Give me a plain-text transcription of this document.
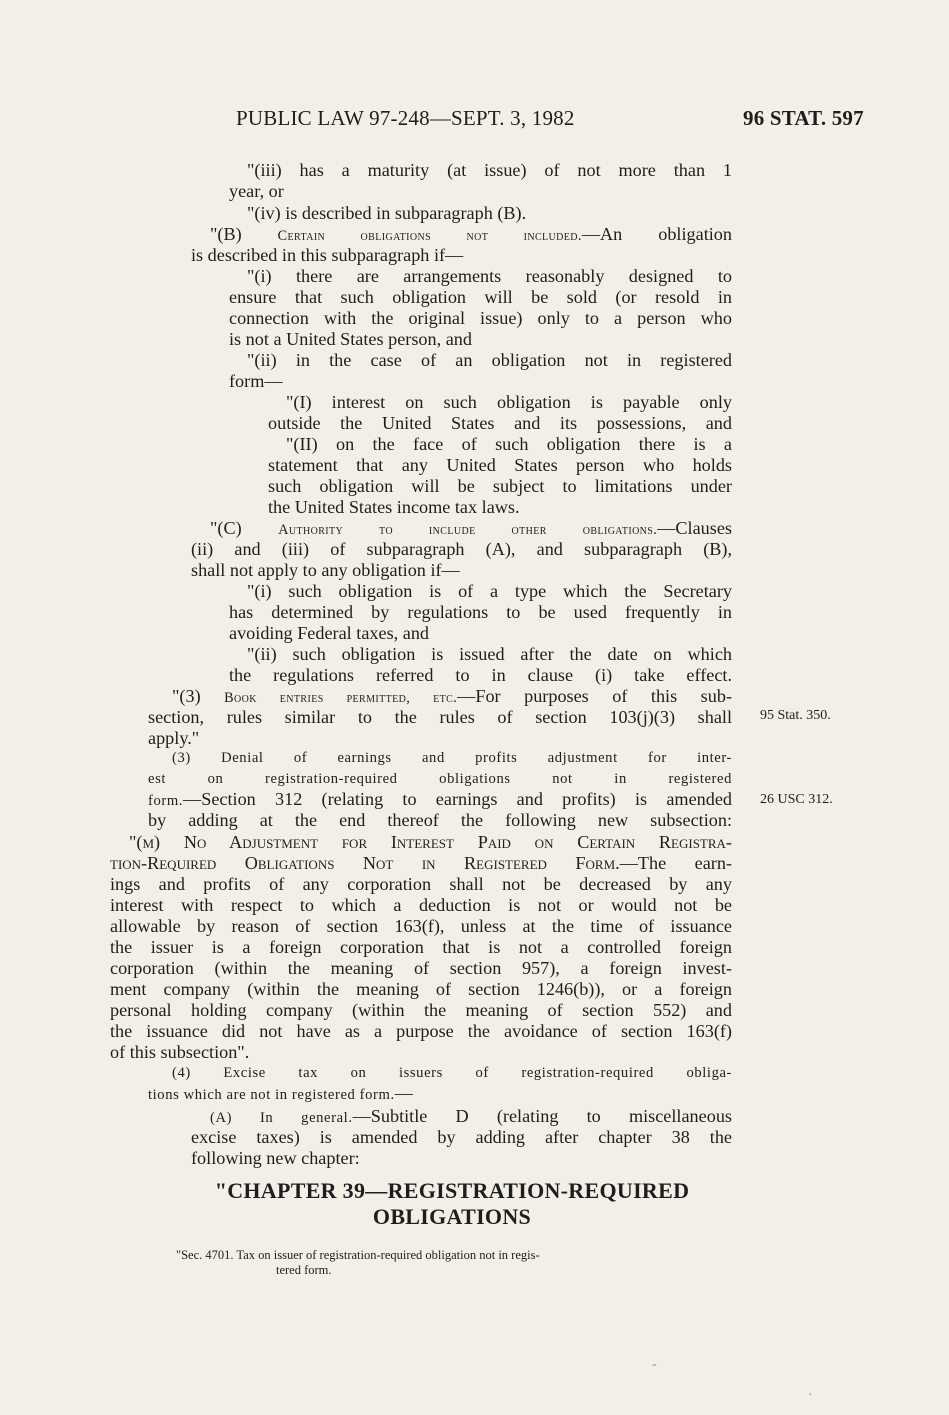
PUBLIC LAW 97-248—SEPT. 3, 1982	96 STAT. 597
"(iii) has a maturity (at issue) of not more than 1
year, or
"(iv) is described in subparagraph (B).
"(B) Certain obligations not included.—An obligation
is described in this subparagraph if—
"(i) there are arrangements reasonably designed to
ensure that such obligation will be sold (or resold in
connection with the original issue) only to a person who
is not a United States person, and
"(ii) in the case of an obligation not in registered
form—
"(I) interest on such obligation is payable only
outside the United States and its possessions, and
"(II) on the face of such obligation there is a
statement that any United States person who holds
such obligation will be subject to limitations under
the United States income tax laws.
"(C) Authority to include other obligations.—Clauses
(ii) and (iii) of subparagraph (A), and subparagraph (B),
shall not apply to any obligation if—
"(i) such obligation is of a type which the Secretary
has determined by regulations to be used frequently in
avoiding Federal taxes, and
"(ii) such obligation is issued after the date on which
the regulations referred to in clause (i) take effect.
"(3) Book entries permitted, etc.—For purposes of this sub-
section, rules similar to the rules of section 103(j)(3) shall
apply."
(3) Denial of earnings and profits adjustment for inter-
est on registration-required obligations not in registered
form.—Section 312 (relating to earnings and profits) is amended
by adding at the end thereof the following new subsection:
"(m) No Adjustment for Interest Paid on Certain Registra-
tion-Required Obligations Not in Registered Form.—The earn-
ings and profits of any corporation shall not be decreased by any
interest with respect to which a deduction is not or would not be
allowable by reason of section 163(f), unless at the time of issuance
the issuer is a foreign corporation that is not a controlled foreign
corporation (within the meaning of section 957), a foreign invest-
ment company (within the meaning of section 1246(b)), or a foreign
personal holding company (within the meaning of section 552) and
the issuance did not have as a purpose the avoidance of section 163(f)
of this subsection".
(4) Excise tax on issuers of registration-required obliga-
tions which are not in registered form.—
(A) In general.—Subtitle D (relating to miscellaneous
excise taxes) is amended by adding after chapter 38 the
following new chapter:
95 Stat. 350.
26 USC 312.
"CHAPTER 39—REGISTRATION-REQUIRED
OBLIGATIONS
"Sec. 4701. Tax on issuer of registration-required obligation not in regis-
tered form.
-
·
